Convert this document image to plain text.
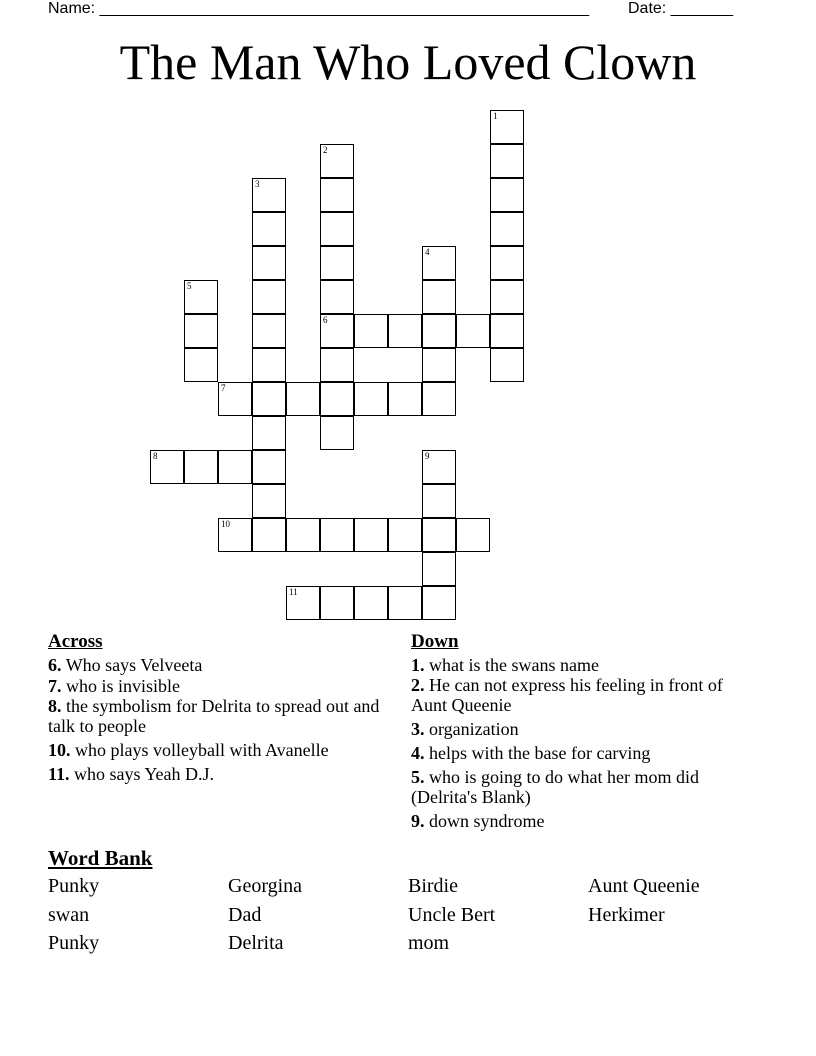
Name: _______________________________________________________ Date: _______
The Man Who Loved Clown
1
2
6
3
4
5
7
8	9
10
11
Across
6. Who says Velveeta
7. who is invisible
8. the symbolism for Delrita to spread out and talk to people
10. who plays volleyball with Avanelle
11. who says Yeah D.J.
Down
1. what is the swans name
2. He can not express his feeling in front of Aunt Queenie
3. organization
4. helps with the base for carving
5. who is going to do what her mom did (Delrita's Blank)
9. down syndrome
Word Bank
Punky	Georgina	Birdie	Aunt Queenie
swan	Dad	Uncle Bert	Herkimer
Punky	Delrita	mom
